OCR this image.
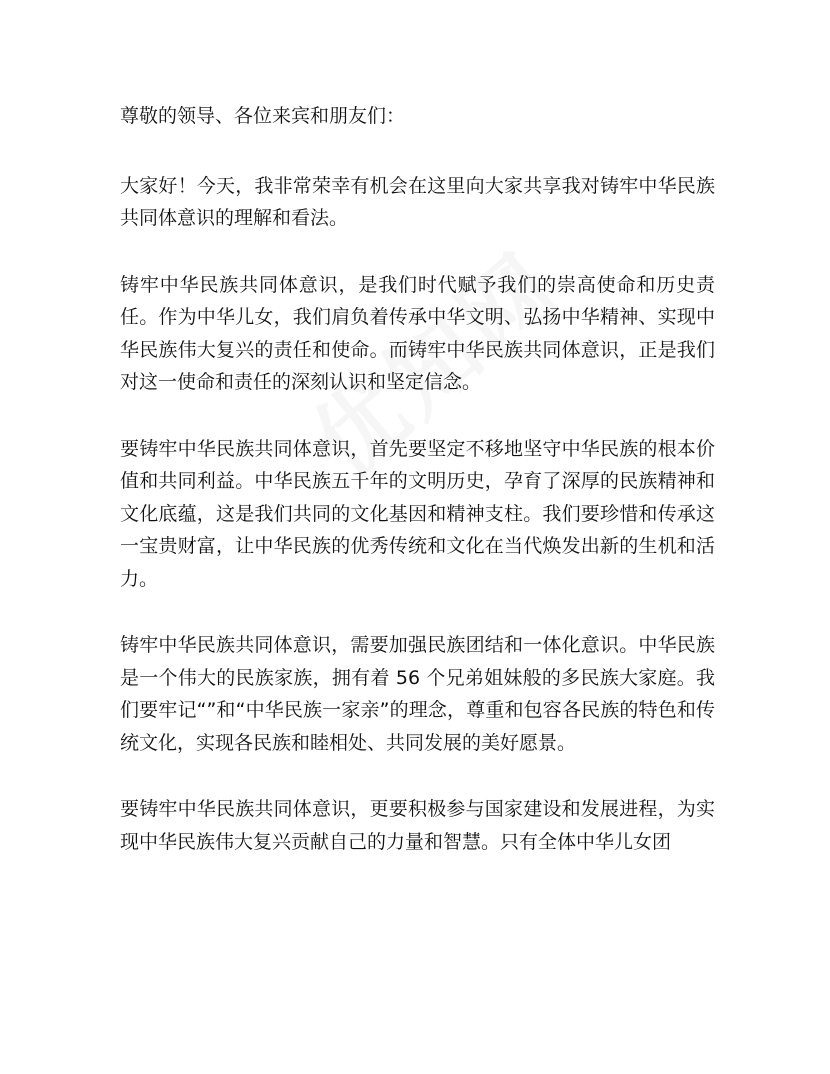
尊敬的领导、各位来宾和朋友们：

大家好！今天，我非常荣幸有机会在这里向大家共享我对铸牢中华民族共同体意识的理解和看法。

铸牢中华民族共同体意识，是我们时代赋予我们的崇高使命和历史责任。作为中华儿女，我们肩负着传承中华文明、弘扬中华精神、实现中华民族伟大复兴的责任和使命。而铸牢中华民族共同体意识，正是我们对这一使命和责任的深刻认识和坚定信念。

要铸牢中华民族共同体意识，首先要坚定不移地坚守中华民族的根本价值和共同利益。中华民族五千年的文明历史，孕育了深厚的民族精神和文化底蕴，这是我们共同的文化基因和精神支柱。我们要珍惜和传承这一宝贵财富，让中华民族的优秀传统和文化在当代焕发出新的生机和活力。

铸牢中华民族共同体意识，需要加强民族团结和一体化意识。中华民族是一个伟大的民族家族，拥有着 56 个兄弟姐妹般的多民族大家庭。我们要牢记“”和“中华民族一家亲”的理念，尊重和包容各民族的特色和传统文化，实现各民族和睦相处、共同发展的美好愿景。

要铸牢中华民族共同体意识，更要积极参与国家建设和发展进程，为实现中华民族伟大复兴贡献自己的力量和智慧。只有全体中华儿女团
